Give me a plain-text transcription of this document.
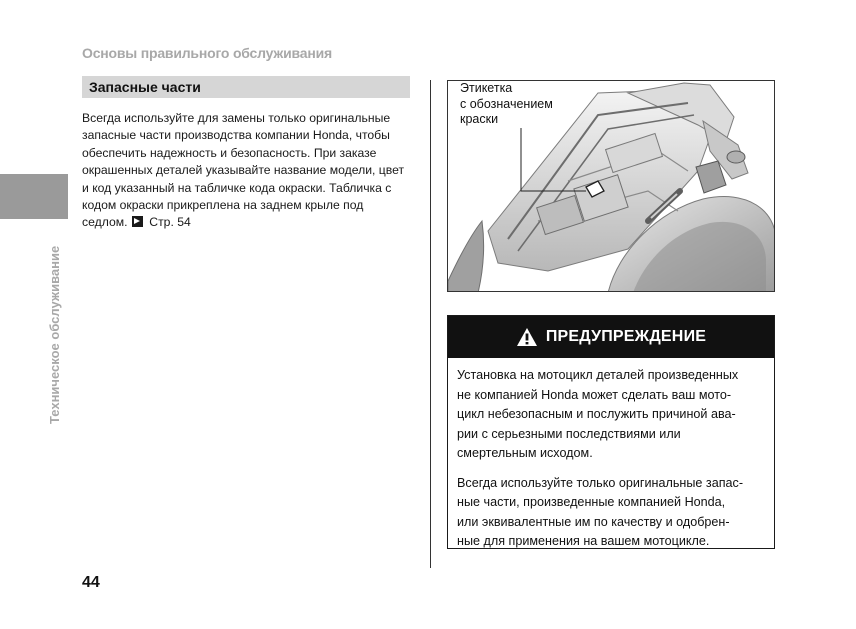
Основы правильного обслуживания
Техническое обслуживание
Запасные части
Всегда используйте для замены только оригинальные
запасные части производства компании Honda, чтобы
обеспечить надежность и безопасность. При заказе
окрашенных деталей указывайте название модели, цвет
и код указанный на табличке кода окраски. Табличка с
кодом окраски прикреплена на заднем крыле под
седлом. Стр. 54
Этикетка
с обозначением
краски
ПРЕДУПРЕЖДЕНИЕ
Установка на мотоцикл деталей произведенных
не компанией Honda может сделать ваш мото-
цикл небезопасным и послужить причиной ава-
рии с серьезными последствиями или
смертельным исходом.
Всегда используйте только оригинальные запас-
ные части, произведенные компанией Honda,
или эквивалентные им по качеству и одобрен-
ные для применения на вашем мотоцикле.
44
